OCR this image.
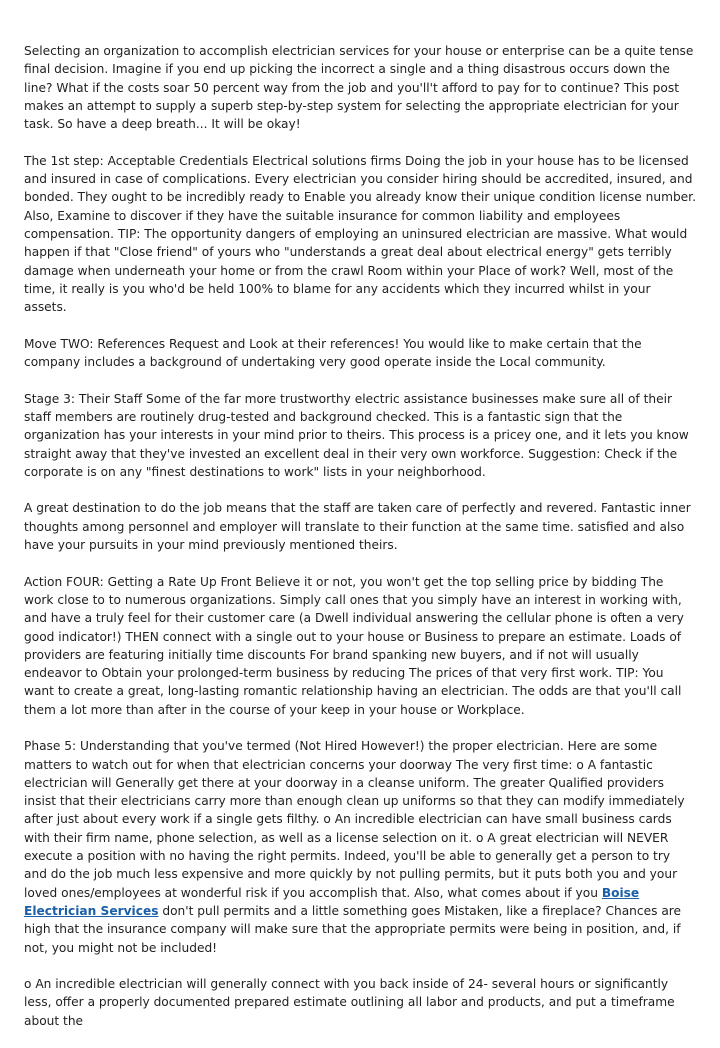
Selecting an organization to accomplish electrician services for your house or enterprise can be a quite tense final decision. Imagine if you end up picking the incorrect a single and a thing disastrous occurs down the line? What if the costs soar 50 percent way from the job and you'll't afford to pay for to continue? This post makes an attempt to supply a superb step-by-step system for selecting the appropriate electrician for your task. So have a deep breath... It will be okay!

The 1st step: Acceptable Credentials Electrical solutions firms Doing the job in your house has to be licensed and insured in case of complications. Every electrician you consider hiring should be accredited, insured, and bonded. They ought to be incredibly ready to Enable you already know their unique condition license number. Also, Examine to discover if they have the suitable insurance for common liability and employees compensation. TIP: The opportunity dangers of employing an uninsured electrician are massive. What would happen if that "Close friend" of yours who "understands a great deal about electrical energy" gets terribly damage when underneath your home or from the crawl Room within your Place of work? Well, most of the time, it really is you who'd be held 100% to blame for any accidents which they incurred whilst in your assets.

Move TWO: References Request and Look at their references! You would like to make certain that the company includes a background of undertaking very good operate inside the Local community.

Stage 3: Their Staff Some of the far more trustworthy electric assistance businesses make sure all of their staff members are routinely drug-tested and background checked. This is a fantastic sign that the organization has your interests in your mind prior to theirs. This process is a pricey one, and it lets you know straight away that they've invested an excellent deal in their very own workforce. Suggestion: Check if the corporate is on any "finest destinations to work" lists in your neighborhood.

A great destination to do the job means that the staff are taken care of perfectly and revered. Fantastic inner thoughts among personnel and employer will translate to their function at the same time. satisfied and also have your pursuits in your mind previously mentioned theirs.

Action FOUR: Getting a Rate Up Front Believe it or not, you won't get the top selling price by bidding The work close to to numerous organizations. Simply call ones that you simply have an interest in working with, and have a truly feel for their customer care (a Dwell individual answering the cellular phone is often a very good indicator!) THEN connect with a single out to your house or Business to prepare an estimate. Loads of providers are featuring initially time discounts For brand spanking new buyers, and if not will usually endeavor to Obtain your prolonged-term business by reducing The prices of that very first work. TIP: You want to create a great, long-lasting romantic relationship having an electrician. The odds are that you'll call them a lot more than after in the course of your keep in your house or Workplace.

Phase 5: Understanding that you've termed (Not Hired However!) the proper electrician. Here are some matters to watch out for when that electrician concerns your doorway The very first time: o A fantastic electrician will Generally get there at your doorway in a cleanse uniform. The greater Qualified providers insist that their electricians carry more than enough clean up uniforms so that they can modify immediately after just about every work if a single gets filthy. o An incredible electrician can have small business cards with their firm name, phone selection, as well as a license selection on it. o A great electrician will NEVER execute a position with no having the right permits. Indeed, you'll be able to generally get a person to try and do the job much less expensive and more quickly by not pulling permits, but it puts both you and your loved ones/employees at wonderful risk if you accomplish that. Also, what comes about if you Boise Electrician Services don't pull permits and a little something goes Mistaken, like a fireplace? Chances are high that the insurance company will make sure that the appropriate permits were being in position, and, if not, you might not be included!

o An incredible electrician will generally connect with you back inside of 24- several hours or significantly less, offer a properly documented prepared estimate outlining all labor and products, and put a timeframe about the
